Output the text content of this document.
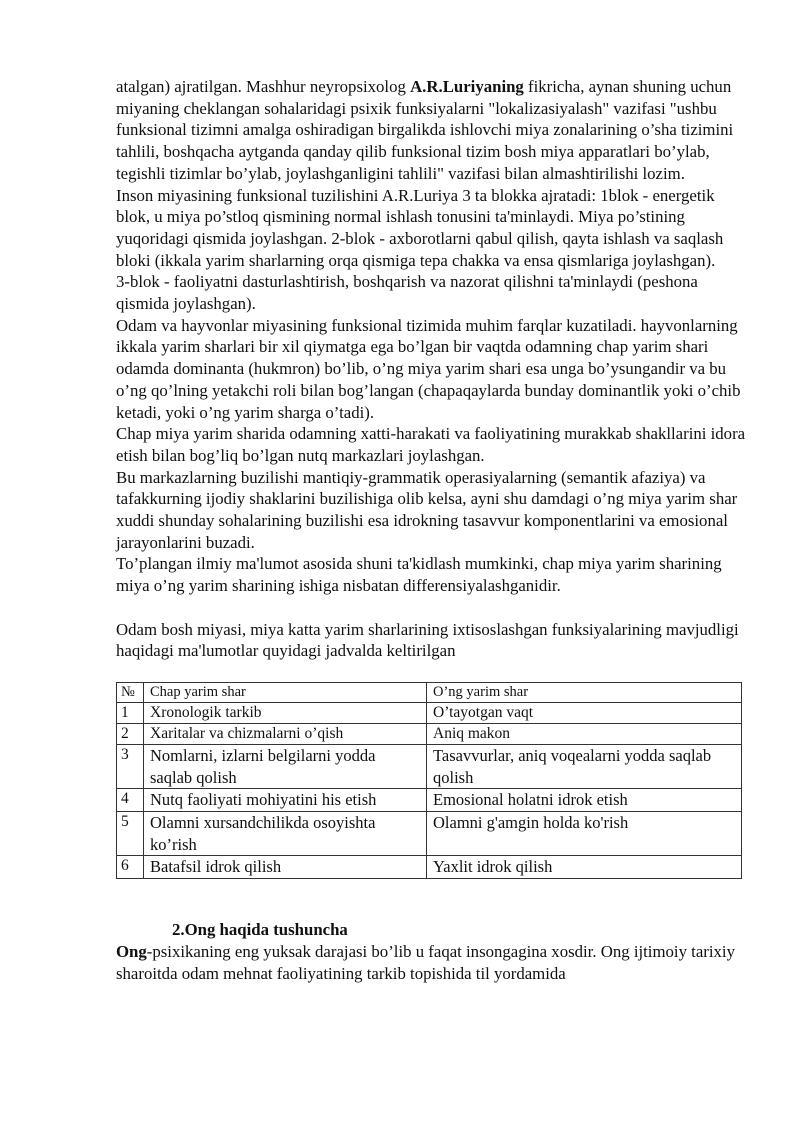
atalgan) ajratilgan. Mashhur neyropsixolog A.R.Luriyaning fikricha, aynan shuning uchun miyaning cheklangan sohalaridagi psixik funksiyalarni "lokalizasiyalash" vazifasi "ushbu funksional tizimni amalga oshiradigan birgalikda ishlovchi miya zonalarining o’sha tizimini tahlili, boshqacha aytganda qanday qilib funksional tizim bosh miya apparatlari bo’ylab, tegishli tizimlar bo’ylab, joylashganligini tahlili" vazifasi bilan almashtirilishi lozim.

Inson miyasining funksional tuzilishini A.R.Luriya 3 ta blokka ajratadi: 1blok - energetik blok, u miya po’stloq qismining normal ishlash tonusini ta'minlaydi. Miya po’stining yuqoridagi qismida joylashgan. 2-blok - axborotlarni qabul qilish, qayta ishlash va saqlash bloki (ikkala yarim sharlarning orqa qismiga tepa chakka va ensa qismlariga joylashgan).

3-blok - faoliyatni dasturlashtirish, boshqarish va nazorat qilishni ta'minlaydi (peshona qismida joylashgan).

Odam va hayvonlar miyasining funksional tizimida muhim farqlar kuzatiladi. hayvonlarning ikkala yarim sharlari bir xil qiymatga ega bo’lgan bir vaqtda odamning chap yarim shari odamda dominanta (hukmron) bo’lib, o’ng miya yarim shari esa unga bo’ysungandir va bu o’ng qo’lning yetakchi roli bilan bog’langan (chapaqaylarda bunday dominantlik yoki o’chib ketadi, yoki o’ng yarim sharga o’tadi).

Chap miya yarim sharida odamning xatti-harakati va faoliyatining murakkab shakllarini idora etish bilan bog’liq bo’lgan nutq markazlari joylashgan.

Bu markazlarning buzilishi mantiqiy-grammatik operasiyalarning (semantik afaziya) va tafakkurning ijodiy shaklarini buzilishiga olib kelsa, ayni shu damdagi o’ng miya yarim shar xuddi shunday sohalarining buzilishi esa idrokning tasavvur komponentlarini va emosional jarayonlarini buzadi.

To’plangan ilmiy ma'lumot asosida shuni ta'kidlash mumkinki, chap miya yarim sharining miya o’ng yarim sharining ishiga nisbatan differensiyalashganidir.

Odam bosh miyasi, miya katta yarim sharlarining ixtisoslashgan funksiyalarining mavjudligi haqidagi ma'lumotlar quyidagi jadvalda keltirilgan

№	Chap yarim shar	O’ng yarim shar
1	Xronologik tarkib	O’tayotgan vaqt
2	Xaritalar va chizmalarni o’qish	Aniq makon
3	Nomlarni, izlarni belgilarni yodda saqlab qolish	Tasavvurlar, aniq voqealarni yodda saqlab qolish
4	Nutq faoliyati mohiyatini his etish	Emosional holatni idrok etish
5	Olamni xursandchilikda osoyishta ko’rish	Olamni g'amgin holda ko'rish
6	Batafsil idrok qilish	Yaxlit idrok qilish
2.Ong haqida tushuncha

Ong-psixikaning eng yuksak darajasi bo’lib u faqat insongagina xosdir. Ong ijtimoiy tarixiy sharoitda odam mehnat faoliyatining tarkib topishida til yordamida
